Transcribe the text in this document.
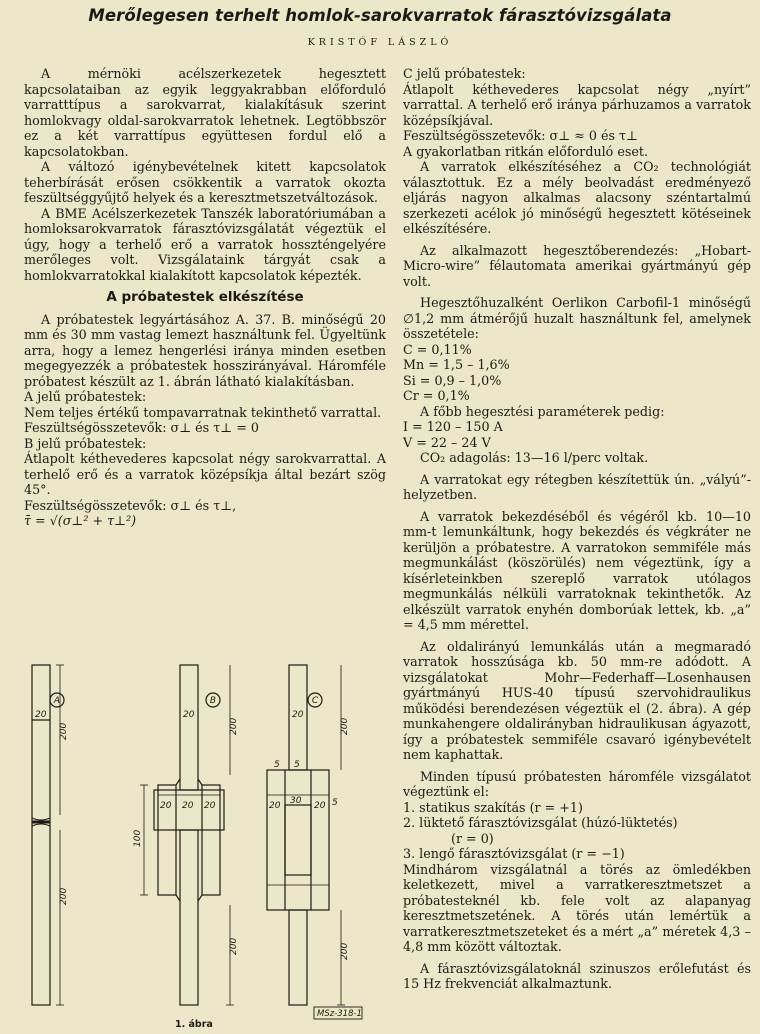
Merőlegesen terhelt homlok-sarokvarratok fárasztóvizsgálata
KRISTÓF LÁSZLÓ

A mérnöki acélszerkezetek hegesztett kapcsolataiban az egyik leggyakrabban előforduló varratttípus a sarokvarrat, kialakításuk szerint homlokvagy oldal-sarokvarratok lehetnek. Legtöbbször ez a két varrattípus együttesen fordul elő a kapcsolatokban.

A változó igénybevételnek kitett kapcsolatok teherbírását erősen csökkentik a varratok okozta feszültséggyűjtő helyek és a keresztmetszetváltozások.

A BME Acélszerkezetek Tanszék laboratóriumában a homloksarokvarratok fárasztóvizsgálatát végeztük el úgy, hogy a terhelő erő a varratok hosszténgelyére merőleges volt. Vizsgálataink tárgyát csak a homlokvarratokkal kialakított kapcsolatok képezték.

A próbatestek elkészítése

A próbatestek legyártásához A. 37. B. minőségű 20 mm és 30 mm vastag lemezt használtunk fel. Ügyeltünk arra, hogy a lemez hengerlési iránya minden esetben megegyezzék a próbatestek hosszirányával. Háromféle próbatest készült az 1. ábrán látható kialakításban.

A jelű próbatestek:

Nem teljes értékű tompavarratnak tekinthető varrattal.

Feszültségösszetevők: σ⊥ és τ⊥ = 0

B jelű próbatestek:

Átlapolt kéthevederes kapcsolat négy sarokvarrattal. A terhelő erő és a varratok középsíkja által bezárt szög 45°.

Feszültségösszetevők: σ⊥ és τ⊥,

τ̄ = √(σ⊥² + τ⊥²)

C jelű próbatestek:

Átlapolt kéthevederes kapcsolat négy „nyírt” varrattal. A terhelő erő iránya párhuzamos a varratok középsíkjával.

Feszültségösszetevők: σ⊥ ≈ 0 és τ⊥

A gyakorlatban ritkán előforduló eset.

A varratok elkészítéséhez a CO₂ technológiát választottuk. Ez a mély beolvadást eredményező eljárás nagyon alkalmas alacsony széntartalmú szerkezeti acélok jó minőségű hegesztett kötéseinek elkészítésére.

Az alkalmazott hegesztőberendezés: „Hobart-Micro-wire” félautomata amerikai gyártmányú gép volt.

Hegesztőhuzalként Oerlikon Carbofil-1 minőségű ∅1,2 mm átmérőjű huzalt használtunk fel, amelynek összetétele:

C = 0,11%

Mn = 1,5 – 1,6%

Si = 0,9 – 1,0%

Cr = 0,1%

A főbb hegesztési paraméterek pedig:

I = 120 – 150 A

V = 22 – 24 V

CO₂ adagolás: 13—16 l/perc voltak.

A varratokat egy rétegben készítettük ún. „vályú”-helyzetben.

A varratok bekezdéséből és végéről kb. 10—10 mm-t lemunkáltunk, hogy bekezdés és végkráter ne kerüljön a próbatestre. A varratokon semmiféle más megmunkálást (köszörülés) nem végeztünk, így a kísérleteinkben szereplő varratok utólagos megmunkálás nélküli varratoknak tekinthetők. Az elkészült varratok enyhén domborúak lettek, kb. „a” = 4,5 mm mérettel.

Az oldalirányú lemunkálás után a megmaradó varratok hosszúsága kb. 50 mm-re adódott. A vizsgálatokat Mohr—Federhaff—Losenhausen gyártmányú HUS-40 típusú szervohidraulikus működési berendezésen végeztük el (2. ábra). A gép munkahengere oldalirányban hidraulikusan ágyazott, így a próbatestek semmiféle csavaró igénybevételt nem kaphattak.

Minden típusú próbatesten háromféle vizsgálatot végeztünk el:

1. statikus szakítás (r = +1)

2. lüktető fárasztóvizsgálat (húzó-lüktetés)

(r = 0)

3. lengő fárasztóvizsgálat (r = −1)

Mindhárom vizsgálatnál a törés az ömledékben keletkezett, mivel a varratkeresztmetszet a próbatesteknél kb. fele volt az alapanyag keresztmetszetének. A törés után lemértük a varratkeresztmetszeteket és a mért „a” méretek 4,3 – 4,8 mm között változtak.

A fárasztóvizsgálatoknál szinuszos erőlefutást és 15 Hz frekvenciát alkalmaztunk.

A	B	C
20	20	20
20 20 20	20 30 20
5 5
5
200
200
200
200
100
200
200
MSz-318-1
1. ábra
